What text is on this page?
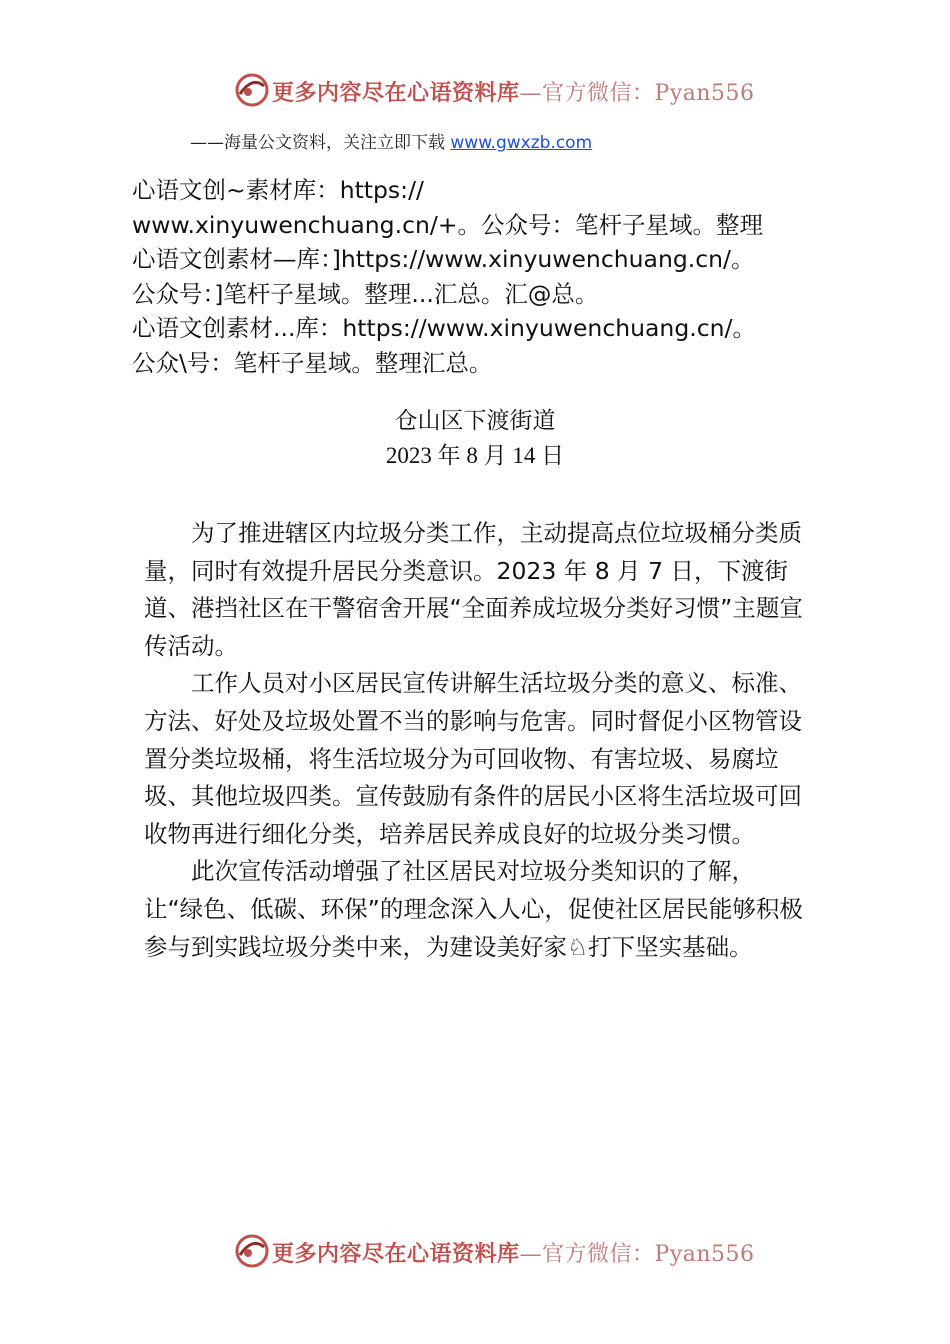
更多内容尽在心语资料库—官方微信：Pyan556
——海量公文资料，关注立即下载 www.gwxzb.com
心语文创~素材库：https://
www.xinyuwenchuang.cn/+。公众号：笔杆子星域。整理
心语文创素材—库：]https://www.xinyuwenchuang.cn/。
公众号：]笔杆子星域。整理...汇总。汇@总。
心语文创素材...库：https://www.xinyuwenchuang.cn/。
公众\号：笔杆子星域。整理汇总。
仓山区下渡街道
2023 年 8 月 14 日

为了推进辖区内垃圾分类工作，主动提高点位垃圾桶分类质量，同时有效提升居民分类意识。2023 年 8 月 7 日，下渡街道、港挡社区在干警宿舍开展“全面养成垃圾分类好习惯”主题宣传活动。

工作人员对小区居民宣传讲解生活垃圾分类的意义、标准、方法、好处及垃圾处置不当的影响与危害。同时督促小区物管设置分类垃圾桶，将生活垃圾分为可回收物、有害垃圾、易腐垃圾、其他垃圾四类。宣传鼓励有条件的居民小区将生活垃圾可回收物再进行细化分类，培养居民养成良好的垃圾分类习惯。

此次宣传活动增强了社区居民对垃圾分类知识的了解，让“绿色、低碳、环保”的理念深入人心，促使社区居民能够积极参与到实践垃圾分类中来，为建设美好家♘打下坚实基础。

更多内容尽在心语资料库—官方微信：Pyan556
